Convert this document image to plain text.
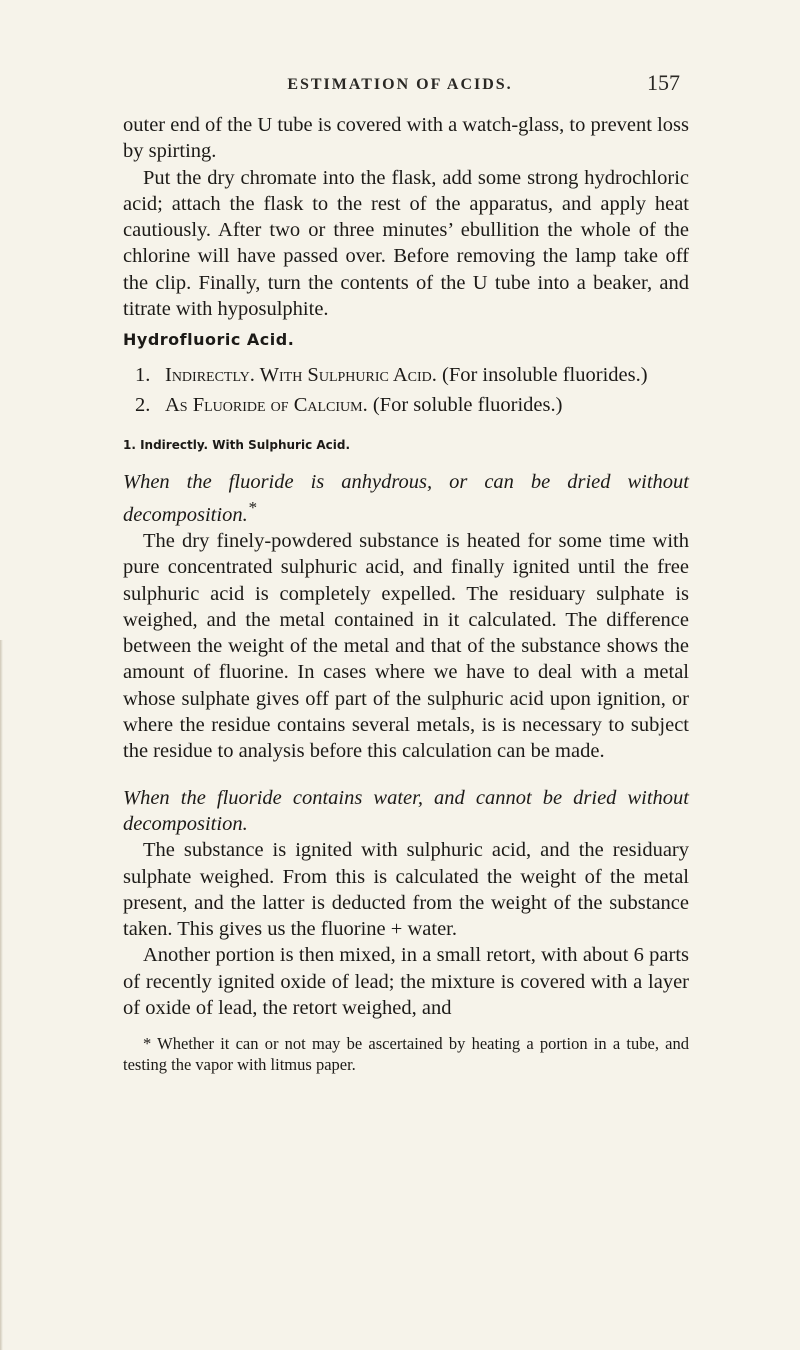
ESTIMATION OF ACIDS.	157

outer end of the U tube is covered with a watch-glass, to prevent loss by spirting.

Put the dry chromate into the flask, add some strong hydrochloric acid; attach the flask to the rest of the apparatus, and apply heat cautiously. After two or three minutes’ ebullition the whole of the chlorine will have passed over. Before removing the lamp take off the clip. Finally, turn the contents of the U tube into a beaker, and titrate with hyposulphite.

Hydrofluoric Acid.

1. Indirectly. With Sulphuric Acid. (For insoluble fluorides.)

2. As Fluoride of Calcium. (For soluble fluorides.)

1. Indirectly. With Sulphuric Acid.

When the fluoride is anhydrous, or can be dried without decomposition.*

The dry finely-powdered substance is heated for some time with pure concentrated sulphuric acid, and finally ignited until the free sulphuric acid is completely expelled. The residuary sulphate is weighed, and the metal contained in it calculated. The difference between the weight of the metal and that of the substance shows the amount of fluorine. In cases where we have to deal with a metal whose sulphate gives off part of the sulphuric acid upon ignition, or where the residue contains several metals, is is necessary to subject the residue to analysis before this calculation can be made.

When the fluoride contains water, and cannot be dried without decomposition.

The substance is ignited with sulphuric acid, and the residuary sulphate weighed. From this is calculated the weight of the metal present, and the latter is deducted from the weight of the substance taken. This gives us the fluorine + water.

Another portion is then mixed, in a small retort, with about 6 parts of recently ignited oxide of lead; the mixture is covered with a layer of oxide of lead, the retort weighed, and

* Whether it can or not may be ascertained by heating a portion in a tube, and testing the vapor with litmus paper.
